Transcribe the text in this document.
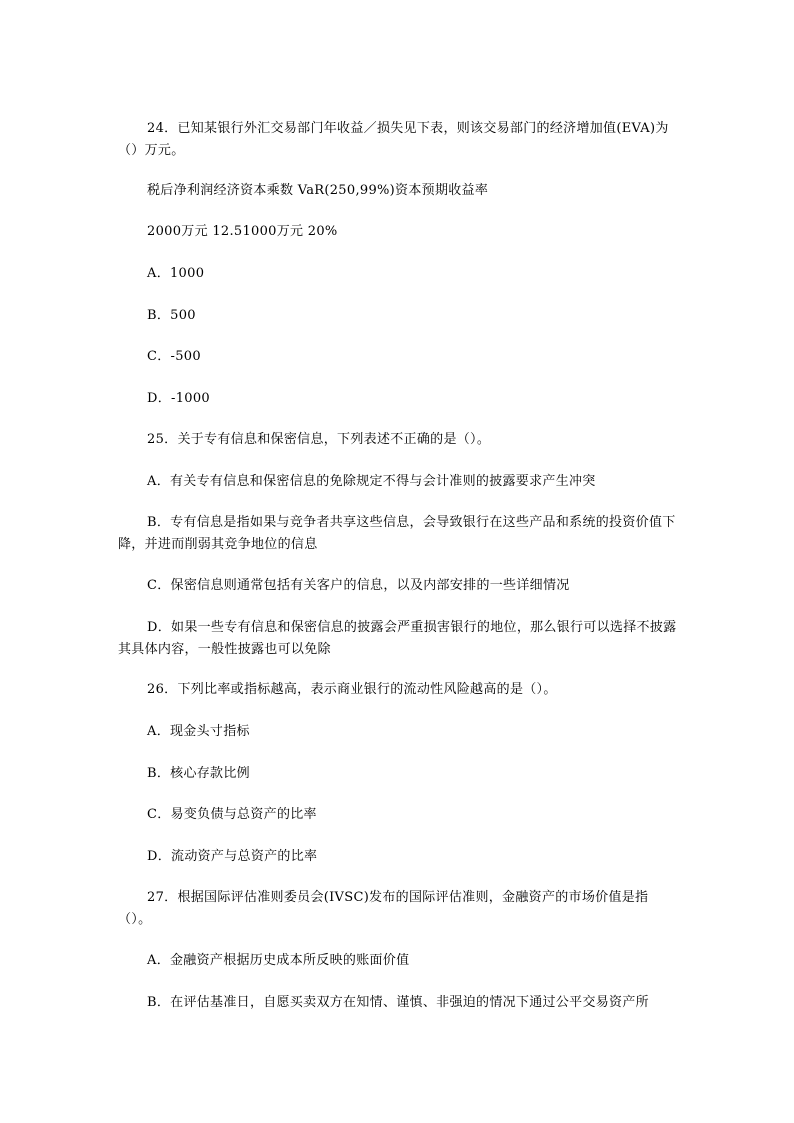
24．已知某银行外汇交易部门年收益／损失见下表，则该交易部门的经济增加值(EVA)为（）万元。

税后净利润经济资本乘数 VaR(250,99%)资本预期收益率

2000万元 12.51000万元 20%

A．1000

B．500

C．-500

D．-1000

25．关于专有信息和保密信息，下列表述不正确的是（）。

A．有关专有信息和保密信息的免除规定不得与会计准则的披露要求产生冲突

B．专有信息是指如果与竞争者共享这些信息，会导致银行在这些产品和系统的投资价值下降，并进而削弱其竞争地位的信息

C．保密信息则通常包括有关客户的信息，以及内部安排的一些详细情况

D．如果一些专有信息和保密信息的披露会严重损害银行的地位，那么银行可以选择不披露其具体内容，一般性披露也可以免除

26．下列比率或指标越高，表示商业银行的流动性风险越高的是（）。

A．现金头寸指标

B．核心存款比例

C．易变负债与总资产的比率

D．流动资产与总资产的比率

27．根据国际评估准则委员会(IVSC)发布的国际评估准则，金融资产的市场价值是指（）。

A．金融资产根据历史成本所反映的账面价值

B．在评估基准日，自愿买卖双方在知情、谨慎、非强迫的情况下通过公平交易资产所
